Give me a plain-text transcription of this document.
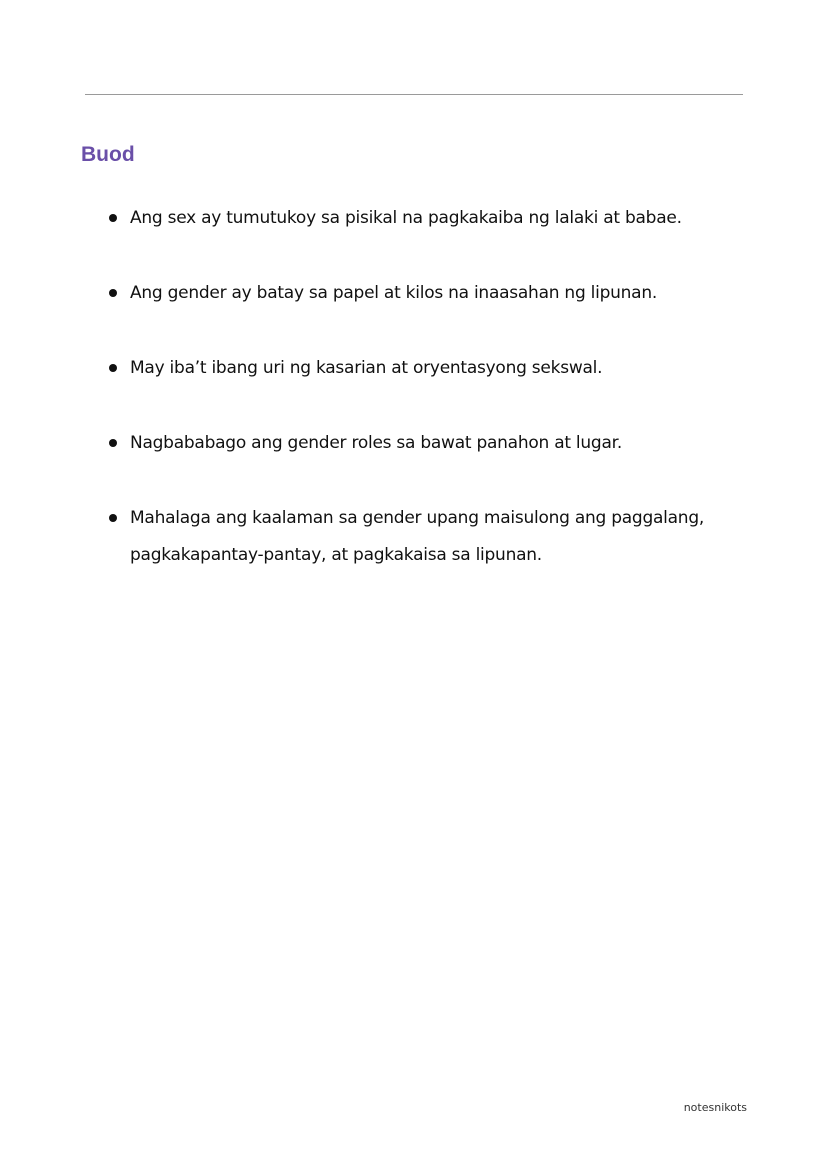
Buod
Ang sex ay tumutukoy sa pisikal na pagkakaiba ng lalaki at babae.
Ang gender ay batay sa papel at kilos na inaasahan ng lipunan.
May iba’t ibang uri ng kasarian at oryentasyong sekswal.
Nagbababago ang gender roles sa bawat panahon at lugar.
Mahalaga ang kaalaman sa gender upang maisulong ang paggalang, pagkakapantay-pantay, at pagkakaisa sa lipunan.
notesnikots
